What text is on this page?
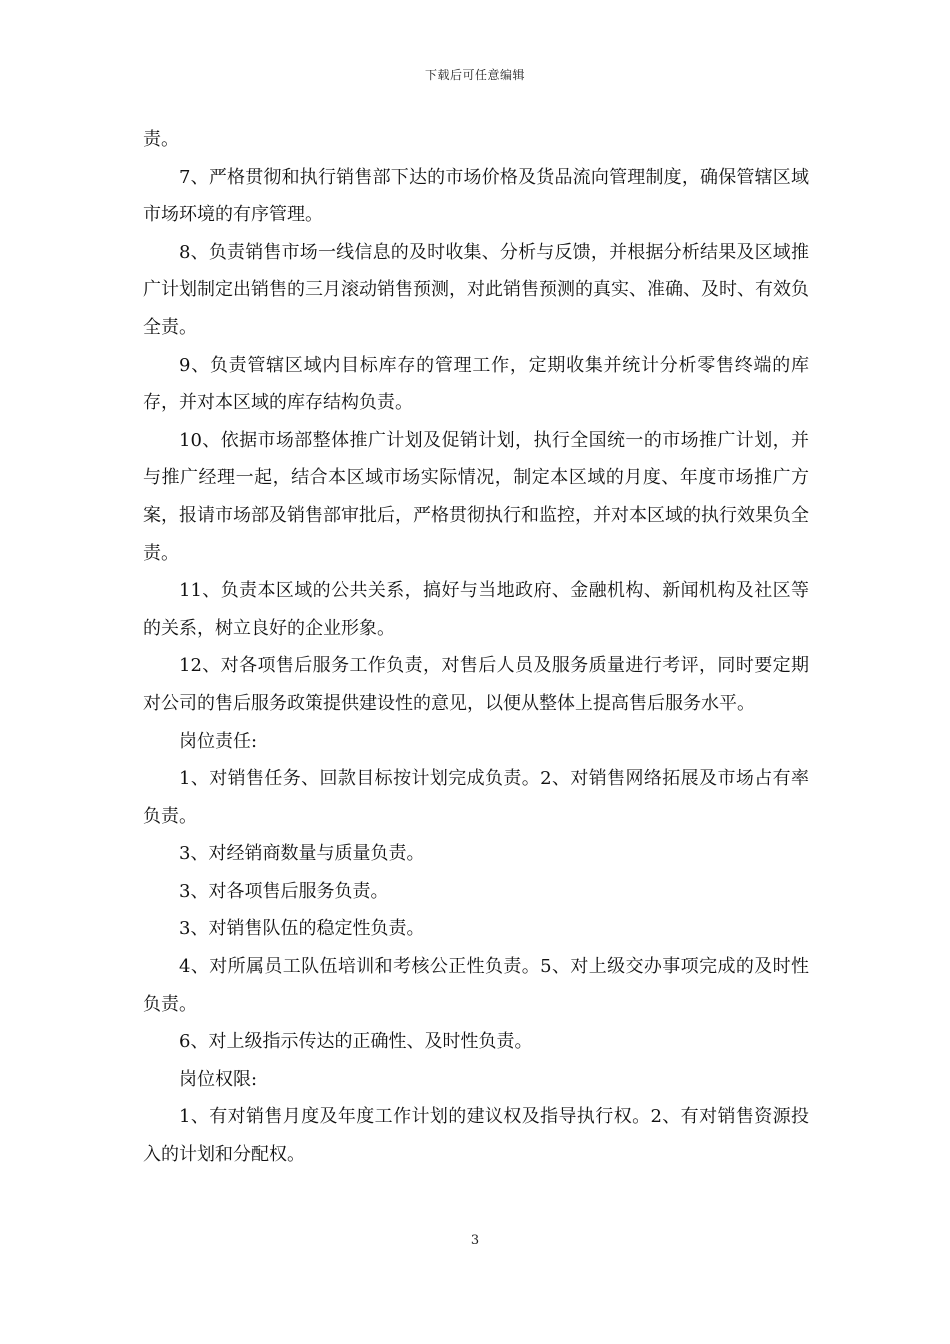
下载后可任意编辑

责。

7、严格贯彻和执行销售部下达的市场价格及货品流向管理制度，确保管辖区域市场环境的有序管理。

8、负责销售市场一线信息的及时收集、分析与反馈，并根据分析结果及区域推广计划制定出销售的三月滚动销售预测，对此销售预测的真实、准确、及时、有效负全责。

9、负责管辖区域内目标库存的管理工作，定期收集并统计分析零售终端的库存，并对本区域的库存结构负责。

10、依据市场部整体推广计划及促销计划，执行全国统一的市场推广计划，并与推广经理一起，结合本区域市场实际情况，制定本区域的月度、年度市场推广方案，报请市场部及销售部审批后，严格贯彻执行和监控，并对本区域的执行效果负全责。

11、负责本区域的公共关系，搞好与当地政府、金融机构、新闻机构及社区等的关系，树立良好的企业形象。

12、对各项售后服务工作负责，对售后人员及服务质量进行考评，同时要定期对公司的售后服务政策提供建设性的意见，以便从整体上提高售后服务水平。

岗位责任:

1、对销售任务、回款目标按计划完成负责。2、对销售网络拓展及市场占有率负责。

3、对经销商数量与质量负责。

3、对各项售后服务负责。

3、对销售队伍的稳定性负责。

4、对所属员工队伍培训和考核公正性负责。5、对上级交办事项完成的及时性负责。

6、对上级指示传达的正确性、及时性负责。

岗位权限:

1、有对销售月度及年度工作计划的建议权及指导执行权。2、有对销售资源投入的计划和分配权。

3
